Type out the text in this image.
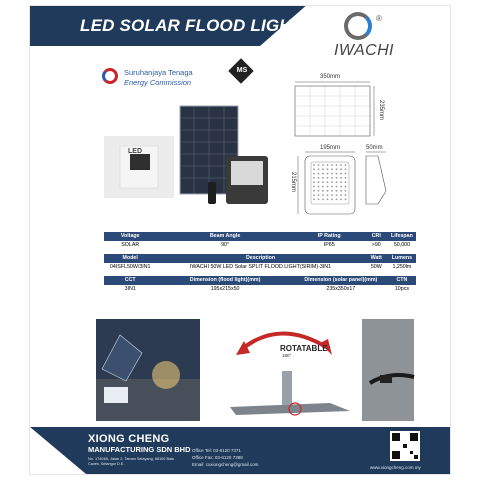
LED SOLAR FLOOD LIGHT	®
IWACHI
Suruhanjaya Tenaga
Energy Commission
MS
350mm
235mm
195mm	50mm
215mm
LED
Voltage	Beam Angle	IP Rating	CRI	Lifespan
SOLAR	90°	IP65	>90	50,000

Model	Description		Watt	Lumens
04ISFL50W/3IN1	IWACHI 50W LED Solar SPLIT FLOOD LIGHT(SIRIM)-3IN1		50W	1,250lm

CCT	Dimension (flood light)(mm)	Dimension (solar panel)(mm)		CTN
3IN1	195x215x50	235x350x17		10pcs
ROTATABLE
180°
XIONG CHENG
MANUFACTURING SDN BHD
No. 17404B, Jalan 2, Taman Selayang, 68100 Batu Caves, Selangor D.E.
Office Tel: 03-6120 7371
Office Fax: 03-6120 7388
Email: cxxiongcheng@gmail.com
www.xiongcheng.com.my
